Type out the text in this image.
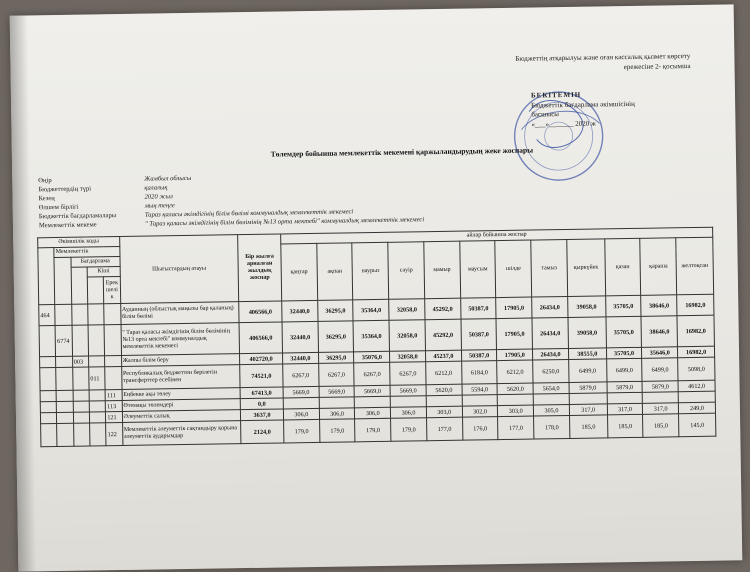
Бюджеттің атқарылуы және оған кассалық қызмет көрсету
ережесіне 2- қосымша
БЕКІТЕМІН
Бюджеттік бағдарлама әкімшісінің
басшысы
«___»_______ 2020 ж
Төлемдер бойынша мемлекеттік мекемені қаржыландырудың жеке жоспары
Өңір	Жамбыл облысы
Бюджеттердің түрі	қалалық
Кезең	2020 жыл
Өлшем бірлігі	мың теңге
Бюджеттік бағдарламалары	Тараз қаласы әкімдігінің білім бөлімі коммуналдық мемлекеттік мекемесі
Мемлекеттік мекеме	" Тараз қаласы әкімдігінің білім бөлімінің №13 орта мектебі" коммуналдық мемлекеттік мекемесі
Әкімшілік коды					Шығыстардың атауы	Бір жылға арналған жылдық жоспар	айлар бойынша жоспар											
	Мемлекеттік						қаңтар	ақпан	наурыз	сәуір	мамыр	маусым	шілде	тамыз	қыркүйек	қазан	қараша	желтоқсан
		Бағдарлама																
			Кіші															
				Ерек шелі к														
464					Ауданның (облыстық маңызы бар қаланың) білім бөлімі	406566,0	32440,0	36295,0	35364,0	32058,0	45292,0	50387,0	17905,0	26434,0	39058,0	35705,0	38646,0	16982,0
	6774				" Тараз қаласы әкімдігінің білім бөлімінің №13 орта мектебі" коммуналдық мемлекеттік мекемесі	406566,0	32440,0	36295,0	35364,0	32058,0	45292,0	50387,0	17905,0	26434,0	39058,0	35705,0	38646,0	16982,0
		003			Жалпы білім беру	402720,0	32440,0	36295,0	35076,0	32058,0	45237,0	50387,0	17905,0	26434,0	38555,0	35705,0	35646,0	16982,0
			011		Республикалық бюджеттен берілетін трансферттер есебінен	74521,0	6267,0	6267,0	6267,0	6267,0	6212,0	6184,0	6212,0	6250,0	6499,0	6499,0	6499,0	5098,0
				111	Еңбекке ақы төлеу	67413,0	5669,0	5669,0	5669,0	5669,0	5620,0	5594,0	5620,0	5654,0	5879,0	5879,0	5879,0	4612,0
				113	Өтемақы төлемдері	0,0												
				121	Әлеуметтік салық	3637,0	306,0	306,0	306,0	306,0	303,0	302,0	303,0	305,0	317,0	317,0	317,0	249,0
				122	Мемлекеттік әлеуметтік сақтандыру қорына әлеуметтік аударымдар	2124,0	179,0	179,0	179,0	179,0	177,0	176,0	177,0	178,0	185,0	185,0	185,0	145,0
